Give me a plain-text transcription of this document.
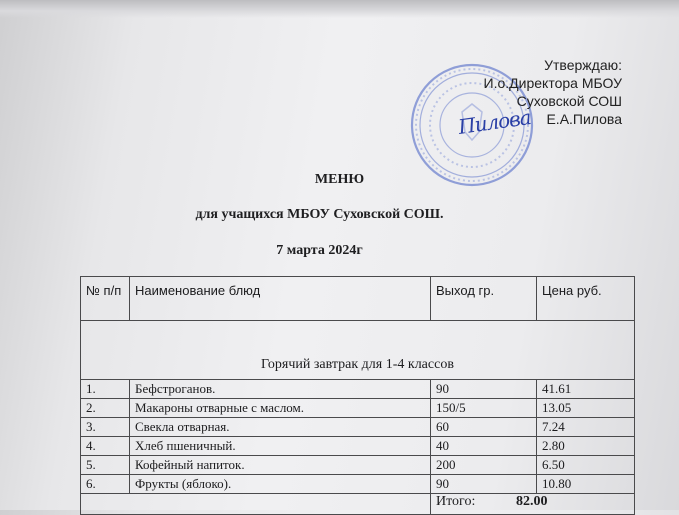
Утверждаю:
И.о.Директора МБОУ
Суховской СОШ
Е.А.Пилова
Пилова
МЕНЮ
для учащихся МБОУ Суховской СОШ.
7 марта 2024г
№ п/п	Наименование блюд	Выход гр.	Цена руб.
Горячий завтрак для 1-4 классов			
1.	Бефстроганов.	90	41.61
2.	Макароны отварные с маслом.	150/5	13.05
3.	Свекла отварная.	60	7.24
4.	Хлеб пшеничный.	40	2.80
5.	Кофейный напиток.	200	6.50
6.	Фрукты (яблоко).	90	10.80
		Итого: 82.00	
